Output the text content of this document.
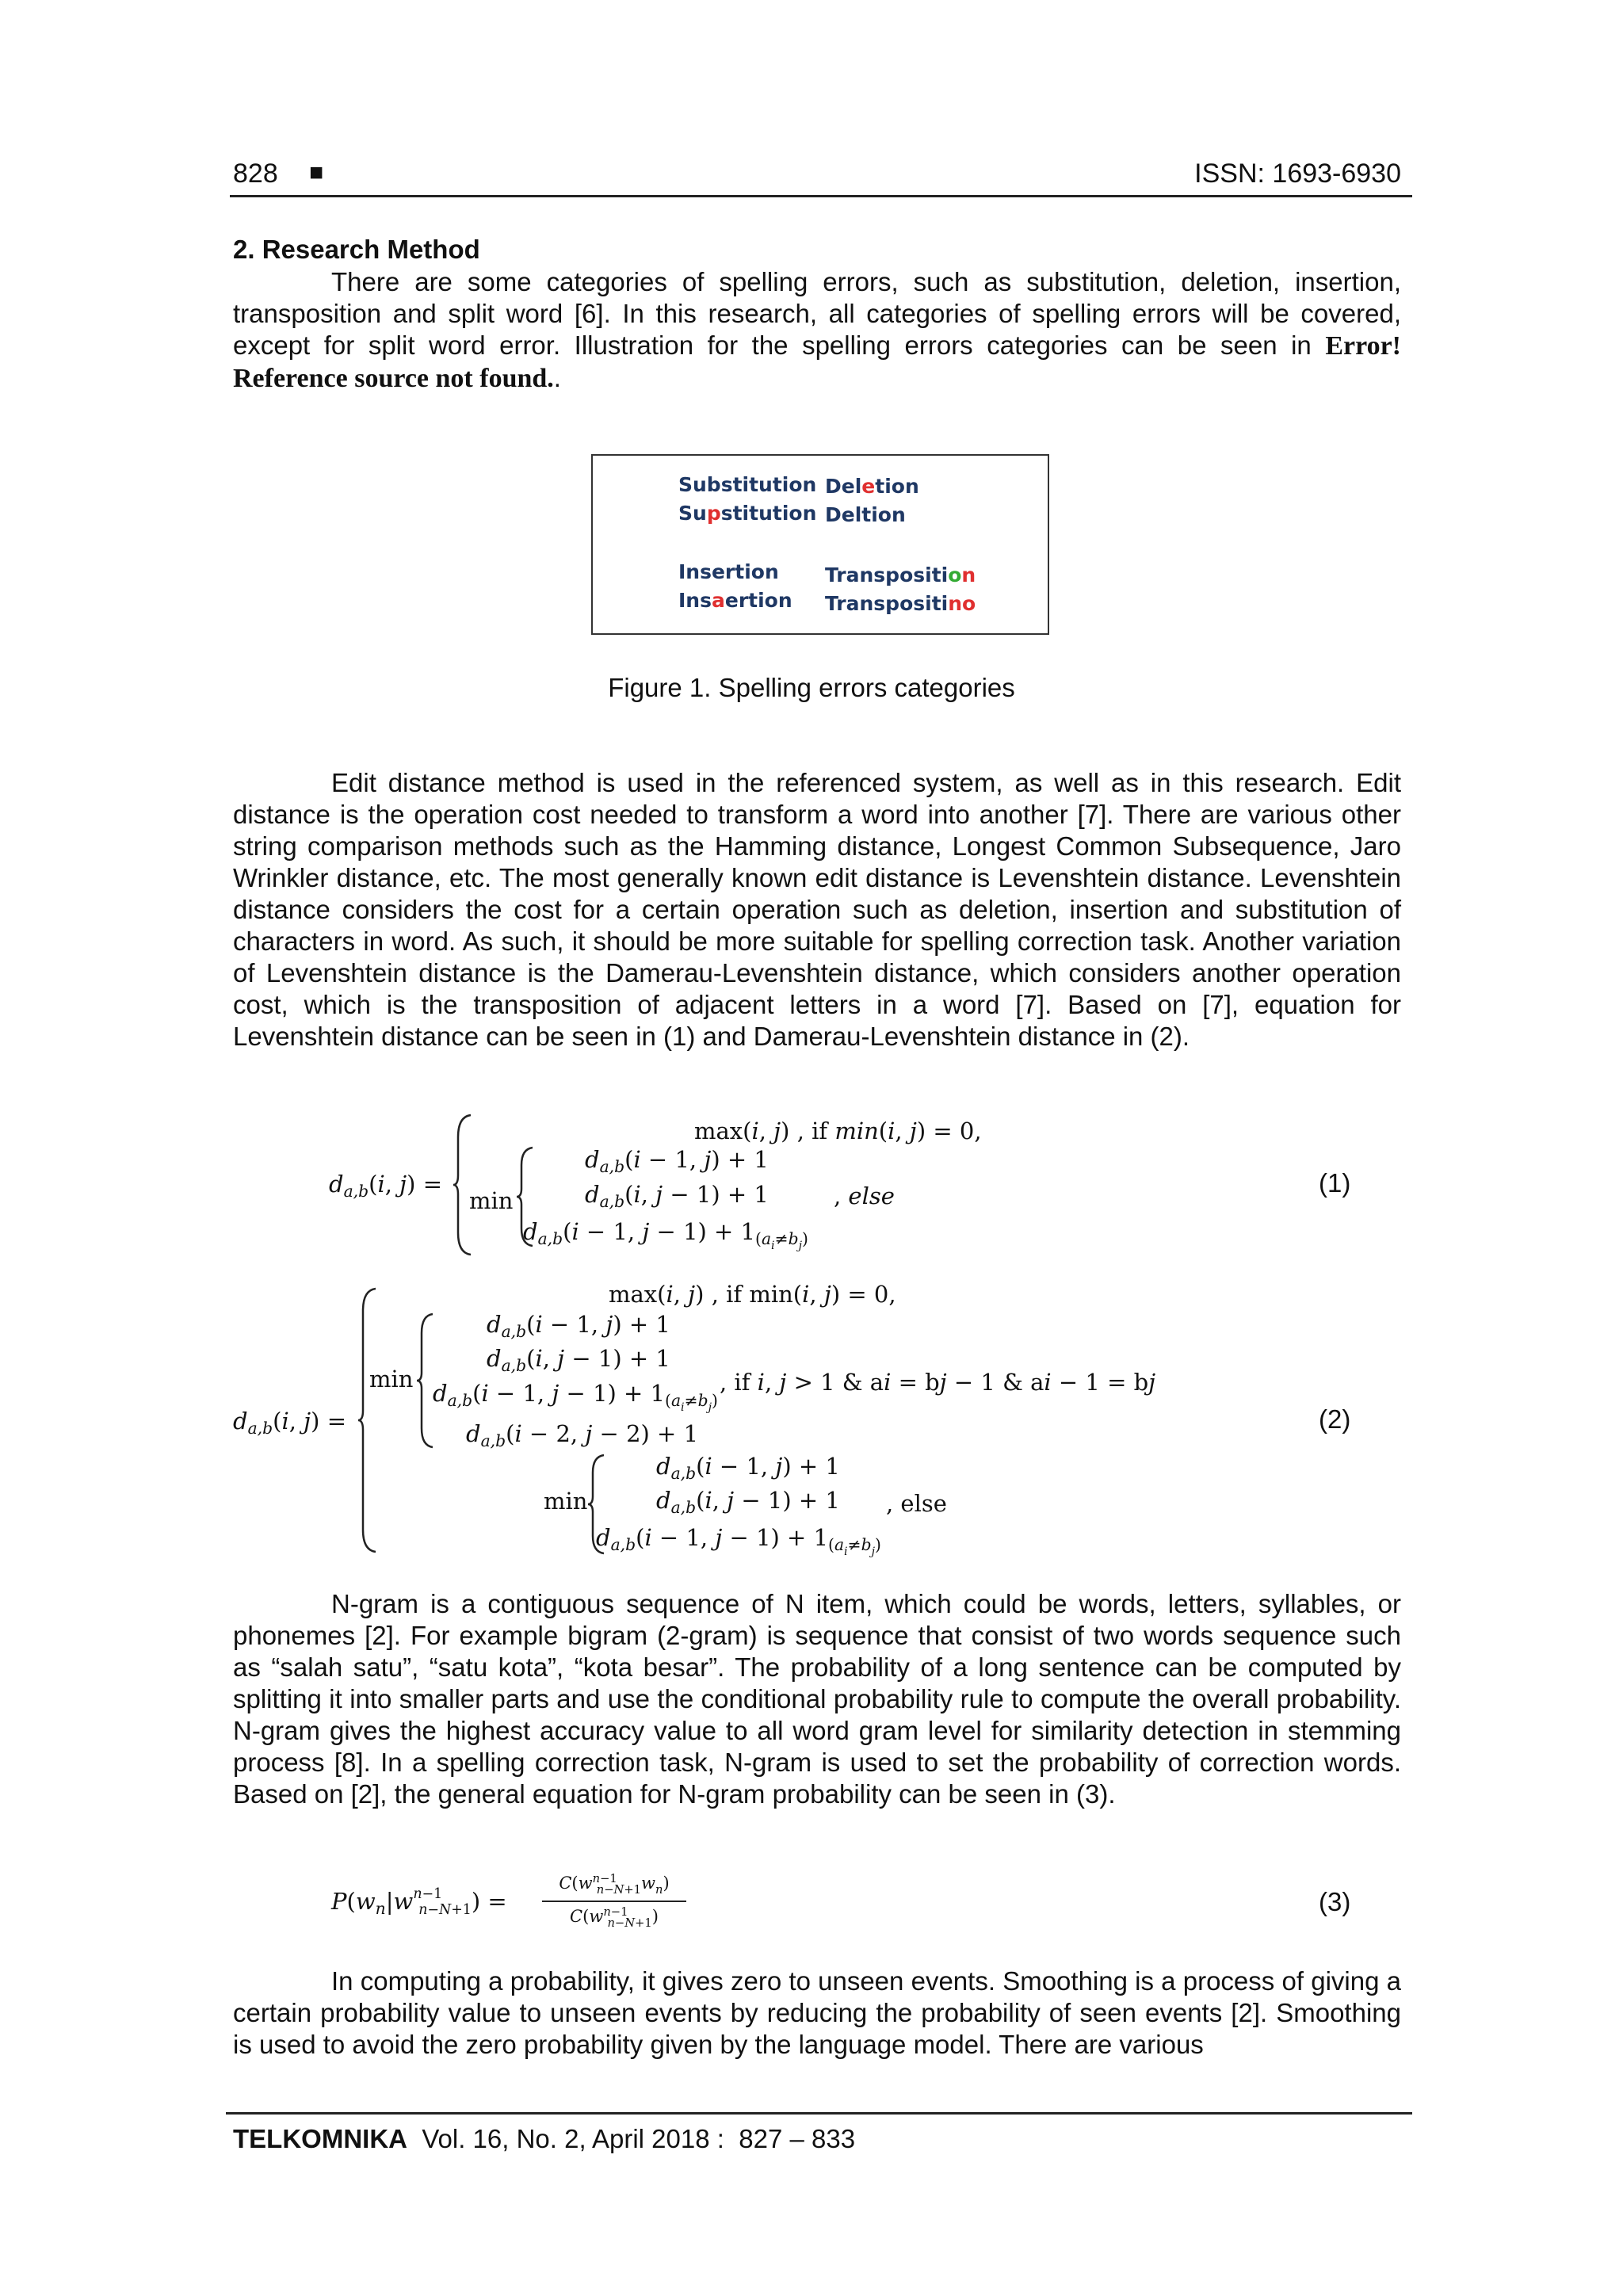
828 ■	ISSN: 1693-6930
2. Research Method

There are some categories of spelling errors, such as substitution, deletion, insertion, transposition and split word [6]. In this research, all categories of spelling errors will be covered, except for split word error. Illustration for the spelling errors categories can be seen in Error! Reference source not found..

Substitution
Supstitution
Insertion
Insaertion
Deletion
Deltion
Transposition
Transpositino
Figure 1. Spelling errors categories

Edit distance method is used in the referenced system, as well as in this research. Edit distance is the operation cost needed to transform a word into another [7]. There are various other string comparison methods such as the Hamming distance, Longest Common Subsequence, Jaro Wrinkler distance, etc. The most generally known edit distance is Levenshtein distance. Levenshtein distance considers the cost for a certain operation such as deletion, insertion and substitution of characters in word. As such, it should be more suitable for spelling correction task. Another variation of Levenshtein distance is the Damerau-Levenshtein distance, which considers another operation cost, which is the transposition of adjacent letters in a word [7]. Based on [7], equation for Levenshtein distance can be seen in (1) and Damerau-Levenshtein distance in (2).

$d_{a,b}(i$, j) =
max(𝑖, 𝑗) , if 𝑚𝑖𝑛(𝑖, 𝑗) = 0,
min
$d_{a,b}(i - 1$, j) + 1
$d_{a,b}(i$, j − 1) + 1
$d_{a,b}(i - 1$, $j - 1) + 1_{(a_i\ne b_j)}$
, 𝑒𝑙𝑠𝑒	(1)
$d_{a,b}(i$, j) =
max(𝑖, 𝑗) , if min(𝑖, 𝑗) = 0,
min
$d_{a,b}(i - 1$, j) + 1
$d_{a,b}(i$, j − 1) + 1
$d_{a,b}(i - 1$, $j - 1) + 1_{(a_i\ne b_j)}$
, if 𝑖, 𝑗 > 1 & a𝑖 = b𝑗 − 1 & a𝑖 − 1 = b𝑗
$d_{a,b}(i - 2$, j − 2) + 1
min
$d_{a,b}(i - 1$, j) + 1
$d_{a,b}(i$, j − 1) + 1
$d_{a,b}(i - 1$, $j - 1) + 1_{(a_i\ne b_j)}$
, else
(2)

N-gram is a contiguous sequence of N item, which could be words, letters, syllables, or phonemes [2]. For example bigram (2-gram) is sequence that consist of two words sequence such as “salah satu”, “satu kota”, “kota besar”. The probability of a long sentence can be computed by splitting it into smaller parts and use the conditional probability rule to compute the overall probability. N-gram gives the highest accuracy value to all word gram level for similarity detection in stemming process [8]. In a spelling correction task, N-gram is used to set the probability of correction words. Based on [2], the general equation for N-gram probability can be seen in (3).

$P(w_n|w^{n-1}_{n-N+1})$ =
$C(w^{n-1}_{n-N+1}w_n)$
$C(w^{n-1}_{n-N+1})$	(3)

In computing a probability, it gives zero to unseen events. Smoothing is a process of giving a certain probability value to unseen events by reducing the probability of seen events [2]. Smoothing is used to avoid the zero probability given by the language model. There are various

TELKOMNIKA  Vol. 16, No. 2, April 2018 :  827 – 833
